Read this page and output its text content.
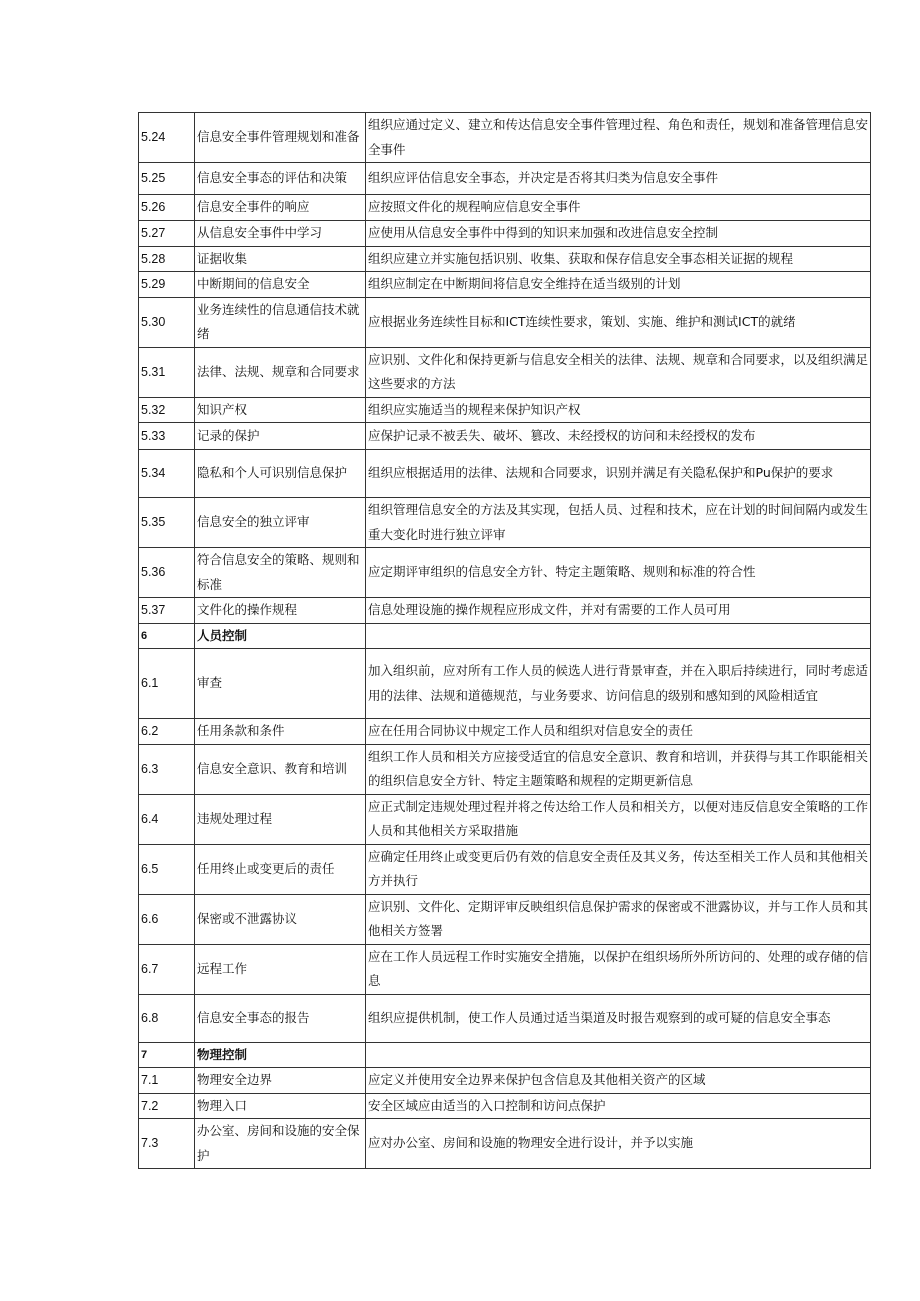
5.24	信息安全事件管理规划和准备	组织应通过定义、建立和传达信息安全事件管理过程、角色和责任，规划和准备管理信息安全事件
5.25	信息安全事态的评估和决策	组织应评估信息安全事态，并决定是否将其归类为信息安全事件
5.26	信息安全事件的响应	应按照文件化的规程响应信息安全事件
5.27	从信息安全事件中学习	应使用从信息安全事件中得到的知识来加强和改进信息安全控制
5.28	证据收集	组织应建立并实施包括识别、收集、获取和保存信息安全事态相关证据的规程
5.29	中断期间的信息安全	组织应制定在中断期间将信息安全维持在适当级别的计划
5.30	业务连续性的信息通信技术就绪	应根据业务连续性目标和ICT连续性要求，策划、实施、维护和测试ICT的就绪
5.31	法律、法规、规章和合同要求	应识别、文件化和保持更新与信息安全相关的法律、法规、规章和合同要求，以及组织满足这些要求的方法
5.32	知识产权	组织应实施适当的规程来保护知识产权
5.33	记录的保护	应保护记录不被丢失、破坏、篡改、未经授权的访问和未经授权的发布
5.34	隐私和个人可识别信息保护	组织应根据适用的法律、法规和合同要求，识别并满足有关隐私保护和Pu保护的要求
5.35	信息安全的独立评审	组织管理信息安全的方法及其实现，包括人员、过程和技术，应在计划的时间间隔内或发生重大变化时进行独立评审
5.36	符合信息安全的策略、规则和标准	应定期评审组织的信息安全方针、特定主题策略、规则和标准的符合性
5.37	文件化的操作规程	信息处理设施的操作规程应形成文件，并对有需要的工作人员可用
6	人员控制	
6.1	审查	加入组织前，应对所有工作人员的候选人进行背景审查，并在入职后持续进行，同时考虑适用的法律、法规和道德规范，与业务要求、访问信息的级别和感知到的风险相适宜
6.2	任用条款和条件	应在任用合同协议中规定工作人员和组织对信息安全的责任
6.3	信息安全意识、教育和培训	组织工作人员和相关方应接受适宜的信息安全意识、教育和培训，并获得与其工作职能相关的组织信息安全方针、特定主题策略和规程的定期更新信息
6.4	违规处理过程	应正式制定违规处理过程并将之传达给工作人员和相关方，以便对违反信息安全策略的工作人员和其他相关方采取措施
6.5	任用终止或变更后的责任	应确定任用终止或变更后仍有效的信息安全责任及其义务，传达至相关工作人员和其他相关方并执行
6.6	保密或不泄露协议	应识别、文件化、定期评审反映组织信息保护需求的保密或不泄露协议，并与工作人员和其他相关方签署
6.7	远程工作	应在工作人员远程工作时实施安全措施，以保护在组织场所外所访问的、处理的或存储的信息
6.8	信息安全事态的报告	组织应提供机制，使工作人员通过适当渠道及时报告观察到的或可疑的信息安全事态
7	物理控制	
7.1	物理安全边界	应定义并使用安全边界来保护包含信息及其他相关资产的区域
7.2	物理入口	安全区域应由适当的入口控制和访问点保护
7.3	办公室、房间和设施的安全保护	应对办公室、房间和设施的物理安全进行设计，并予以实施
